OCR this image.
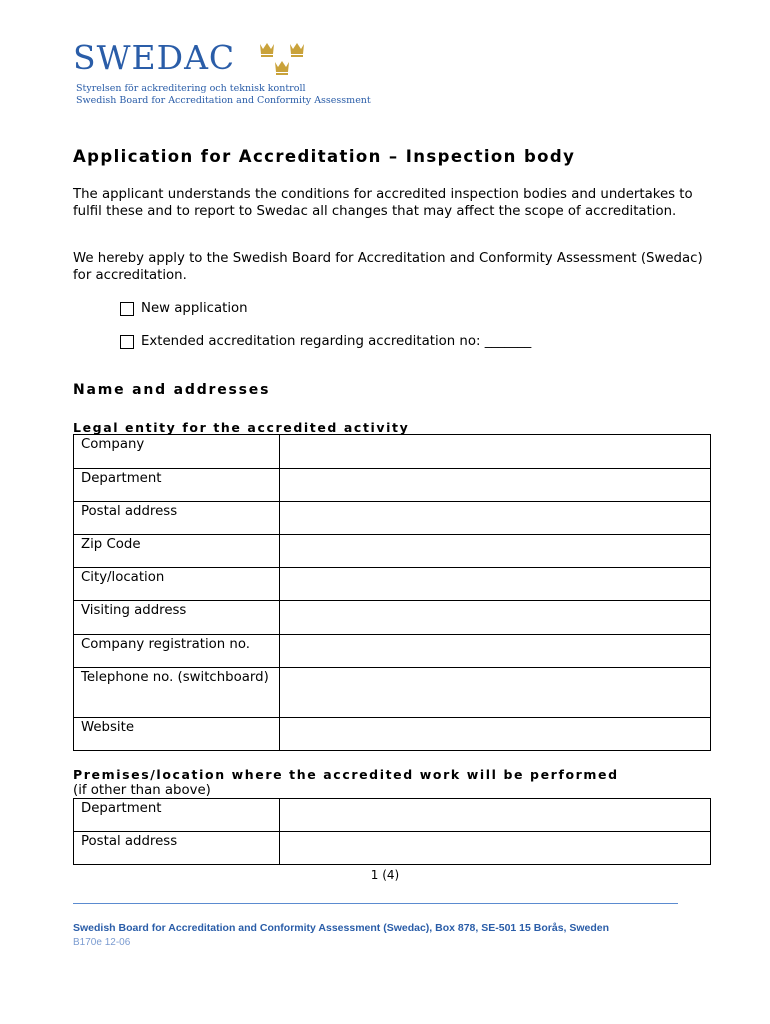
SWEDAC
Styrelsen för ackreditering och teknisk kontroll
Swedish Board for Accreditation and Conformity Assessment
Application for Accreditation – Inspection body
The applicant understands the conditions for accredited inspection bodies and undertakes to fulfil these and to report to Swedac all changes that may affect the scope of accreditation.
We hereby apply to the Swedish Board for Accreditation and Conformity Assessment (Swedac) for accreditation.
New application
Extended accreditation regarding accreditation no: _______
Name and addresses
Legal entity for the accredited activity
Company	
Department	
Postal address	
Zip Code	
City/location	
Visiting address	
Company registration no.	
Telephone no. (switchboard)	
Website	
Premises/location where the accredited work will be performed
(if other than above)
Department	
Postal address	
1 (4)
Swedish Board for Accreditation and Conformity Assessment (Swedac), Box 878, SE-501 15 Borås, Sweden
B170e 12-06
